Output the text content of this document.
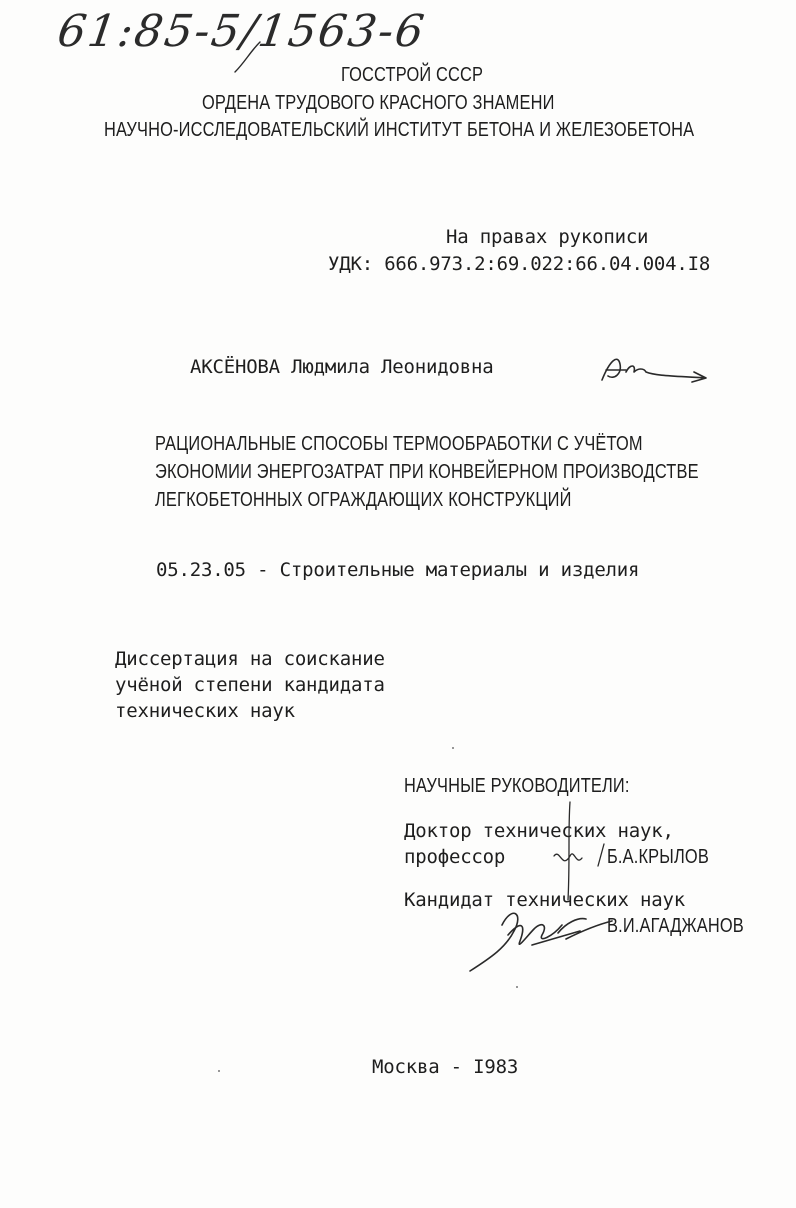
61:85-5/1563-6
ГОССТРОЙ СССР
ОРДЕНА ТРУДОВОГО КРАСНОГО ЗНАМЕНИ
НАУЧНО-ИССЛЕДОВАТЕЛЬСКИЙ ИНСТИТУТ БЕТОНА И ЖЕЛЕЗОБЕТОНА
На правах рукописи
УДК: 666.973.2:69.022:66.04.004.I8
АКСЁНОВА Людмила Леонидовна
РАЦИОНАЛЬНЫЕ СПОСОБЫ ТЕРМООБРАБОТКИ С УЧЁТОМ
ЭКОНОМИИ ЭНЕРГОЗАТРАТ ПРИ КОНВЕЙЕРНОМ ПРОИЗВОДСТВЕ
ЛЕГКОБЕТОННЫХ ОГРАЖДАЮЩИХ КОНСТРУКЦИЙ
05.23.05 - Строительные материалы и изделия
Диссертация на соискание
учёной степени кандидата
технических наук
НАУЧНЫЕ РУКОВОДИТЕЛИ:
Доктор технических наук,
профессор	Б.А.КРЫЛОВ
Кандидат технических наук
В.И.АГАДЖАНОВ
Москва - I983
